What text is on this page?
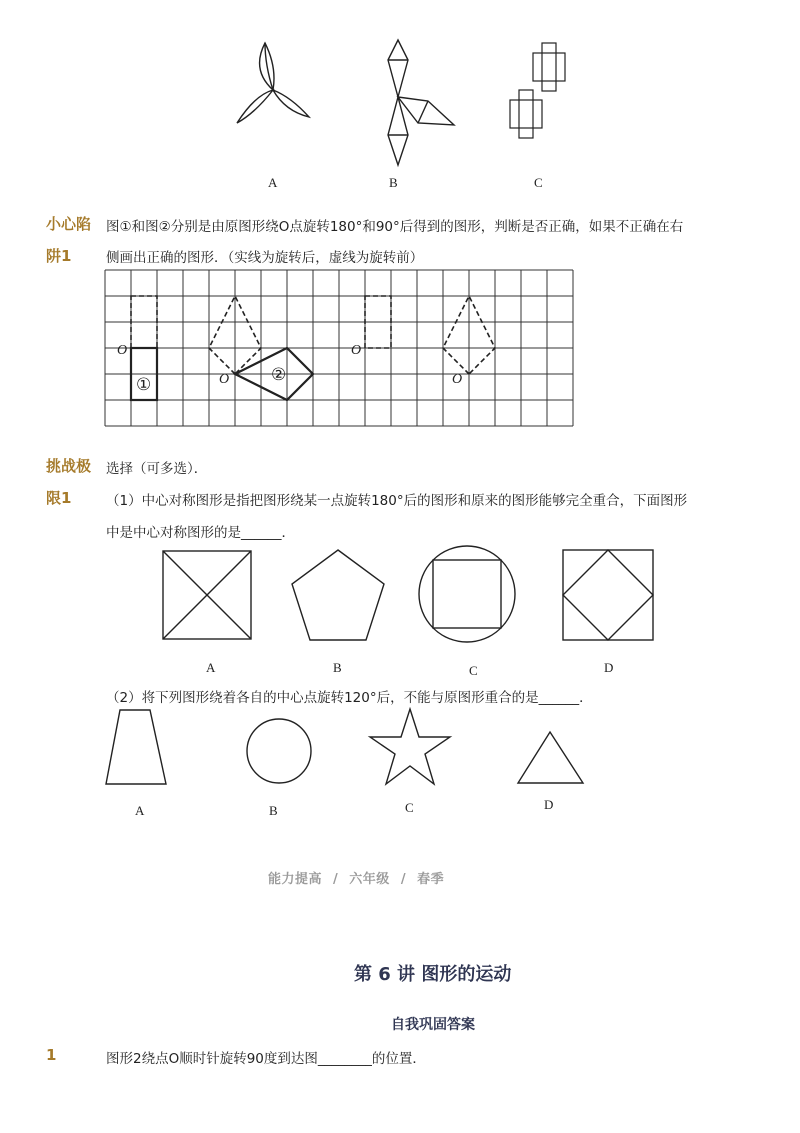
A	B	C
小心陷
阱1
图①和图②分别是由原图形绕O点旋转180°和90°后得到的图形，判断是否正确，如果不正确在右
侧画出正确的图形．（实线为旋转后，虚线为旋转前）
O
O
O
O
①
②
挑战极
限1
选择（可多选）．
（1）中心对称图形是指把图形绕某一点旋转180°后的图形和原来的图形能够完全重合，下面图形
中是中心对称图形的是______．
A	B	C	D
（2）将下列图形绕着各自的中心点旋转120°后，不能与原图形重合的是______．
A	B	C	D
能力提高 / 六年级 / 春季
第 6 讲 图形的运动
自我巩固答案
1	图形2绕点O顺时针旋转90度到达图________的位置．
